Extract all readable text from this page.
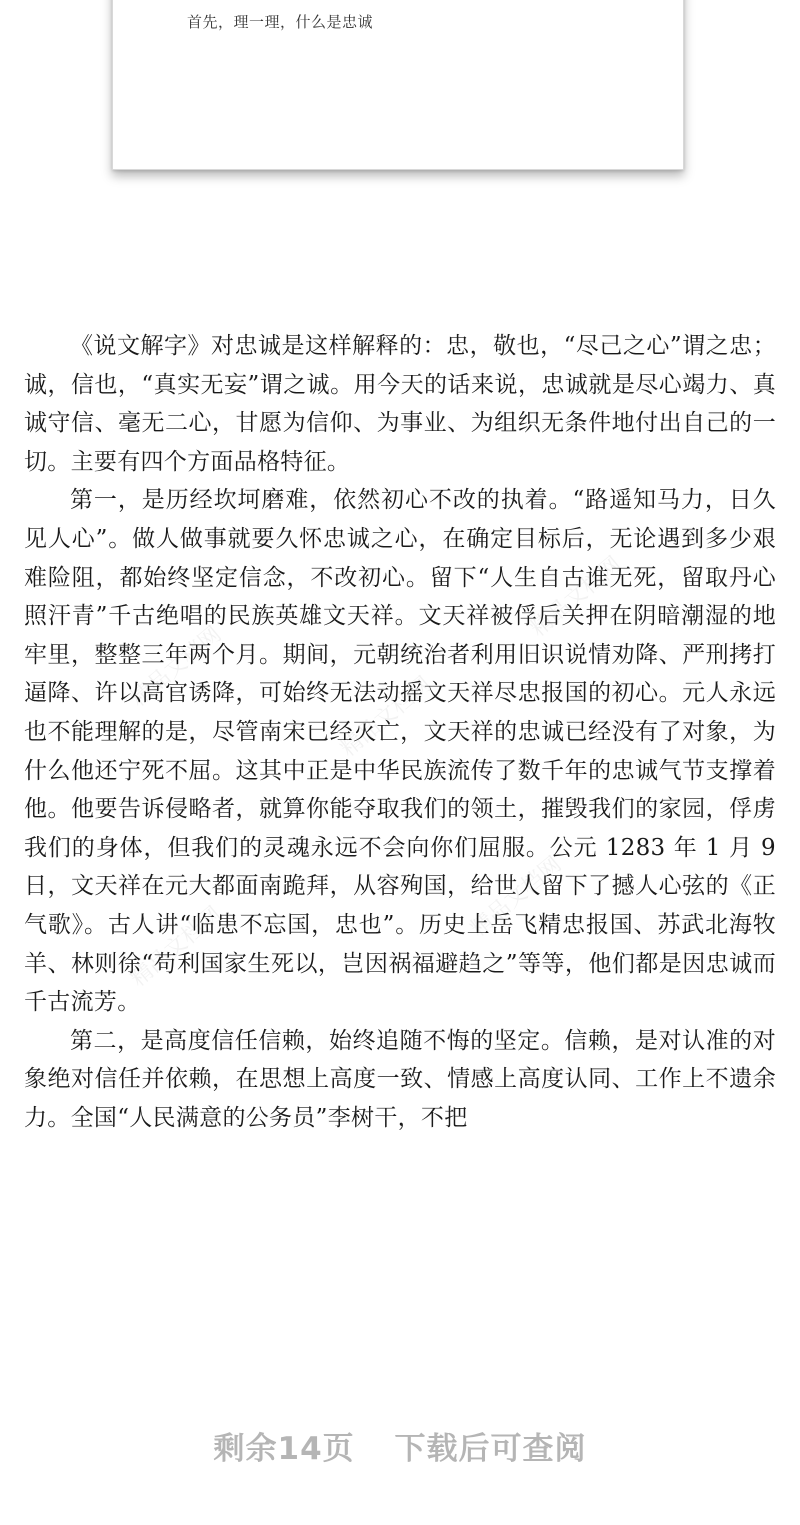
首先，理一理，什么是忠诚
精品文档网
精品文档网
精品文档网
精品文档网
精品文档网

《说文解字》对忠诚是这样解释的：忠，敬也，“尽己之心”谓之忠；诚，信也，“真实无妄”谓之诚。用今天的话来说，忠诚就是尽心竭力、真诚守信、毫无二心，甘愿为信仰、为事业、为组织无条件地付出自己的一切。主要有四个方面品格特征。

第一，是历经坎坷磨难，依然初心不改的执着。“路遥知马力，日久见人心”。做人做事就要久怀忠诚之心，在确定目标后，无论遇到多少艰难险阻，都始终坚定信念，不改初心。留下“人生自古谁无死，留取丹心照汗青”千古绝唱的民族英雄文天祥。文天祥被俘后关押在阴暗潮湿的地牢里，整整三年两个月。期间，元朝统治者利用旧识说情劝降、严刑拷打逼降、许以高官诱降，可始终无法动摇文天祥尽忠报国的初心。元人永远也不能理解的是，尽管南宋已经灭亡，文天祥的忠诚已经没有了对象，为什么他还宁死不屈。这其中正是中华民族流传了数千年的忠诚气节支撑着他。他要告诉侵略者，就算你能夺取我们的领土，摧毁我们的家园，俘虏我们的身体，但我们的灵魂永远不会向你们屈服。公元 1283 年 1 月 9 日，文天祥在元大都面南跪拜，从容殉国，给世人留下了撼人心弦的《正气歌》。古人讲“临患不忘国，忠也”。历史上岳飞精忠报国、苏武北海牧羊、林则徐“苟利国家生死以，岂因祸福避趋之”等等，他们都是因忠诚而千古流芳。

第二，是高度信任信赖，始终追随不悔的坚定。信赖，是对认准的对象绝对信任并依赖，在思想上高度一致、情感上高度认同、工作上不遗余力。全国“人民满意的公务员”李树干，不把

剩余14页 下载后可查阅
